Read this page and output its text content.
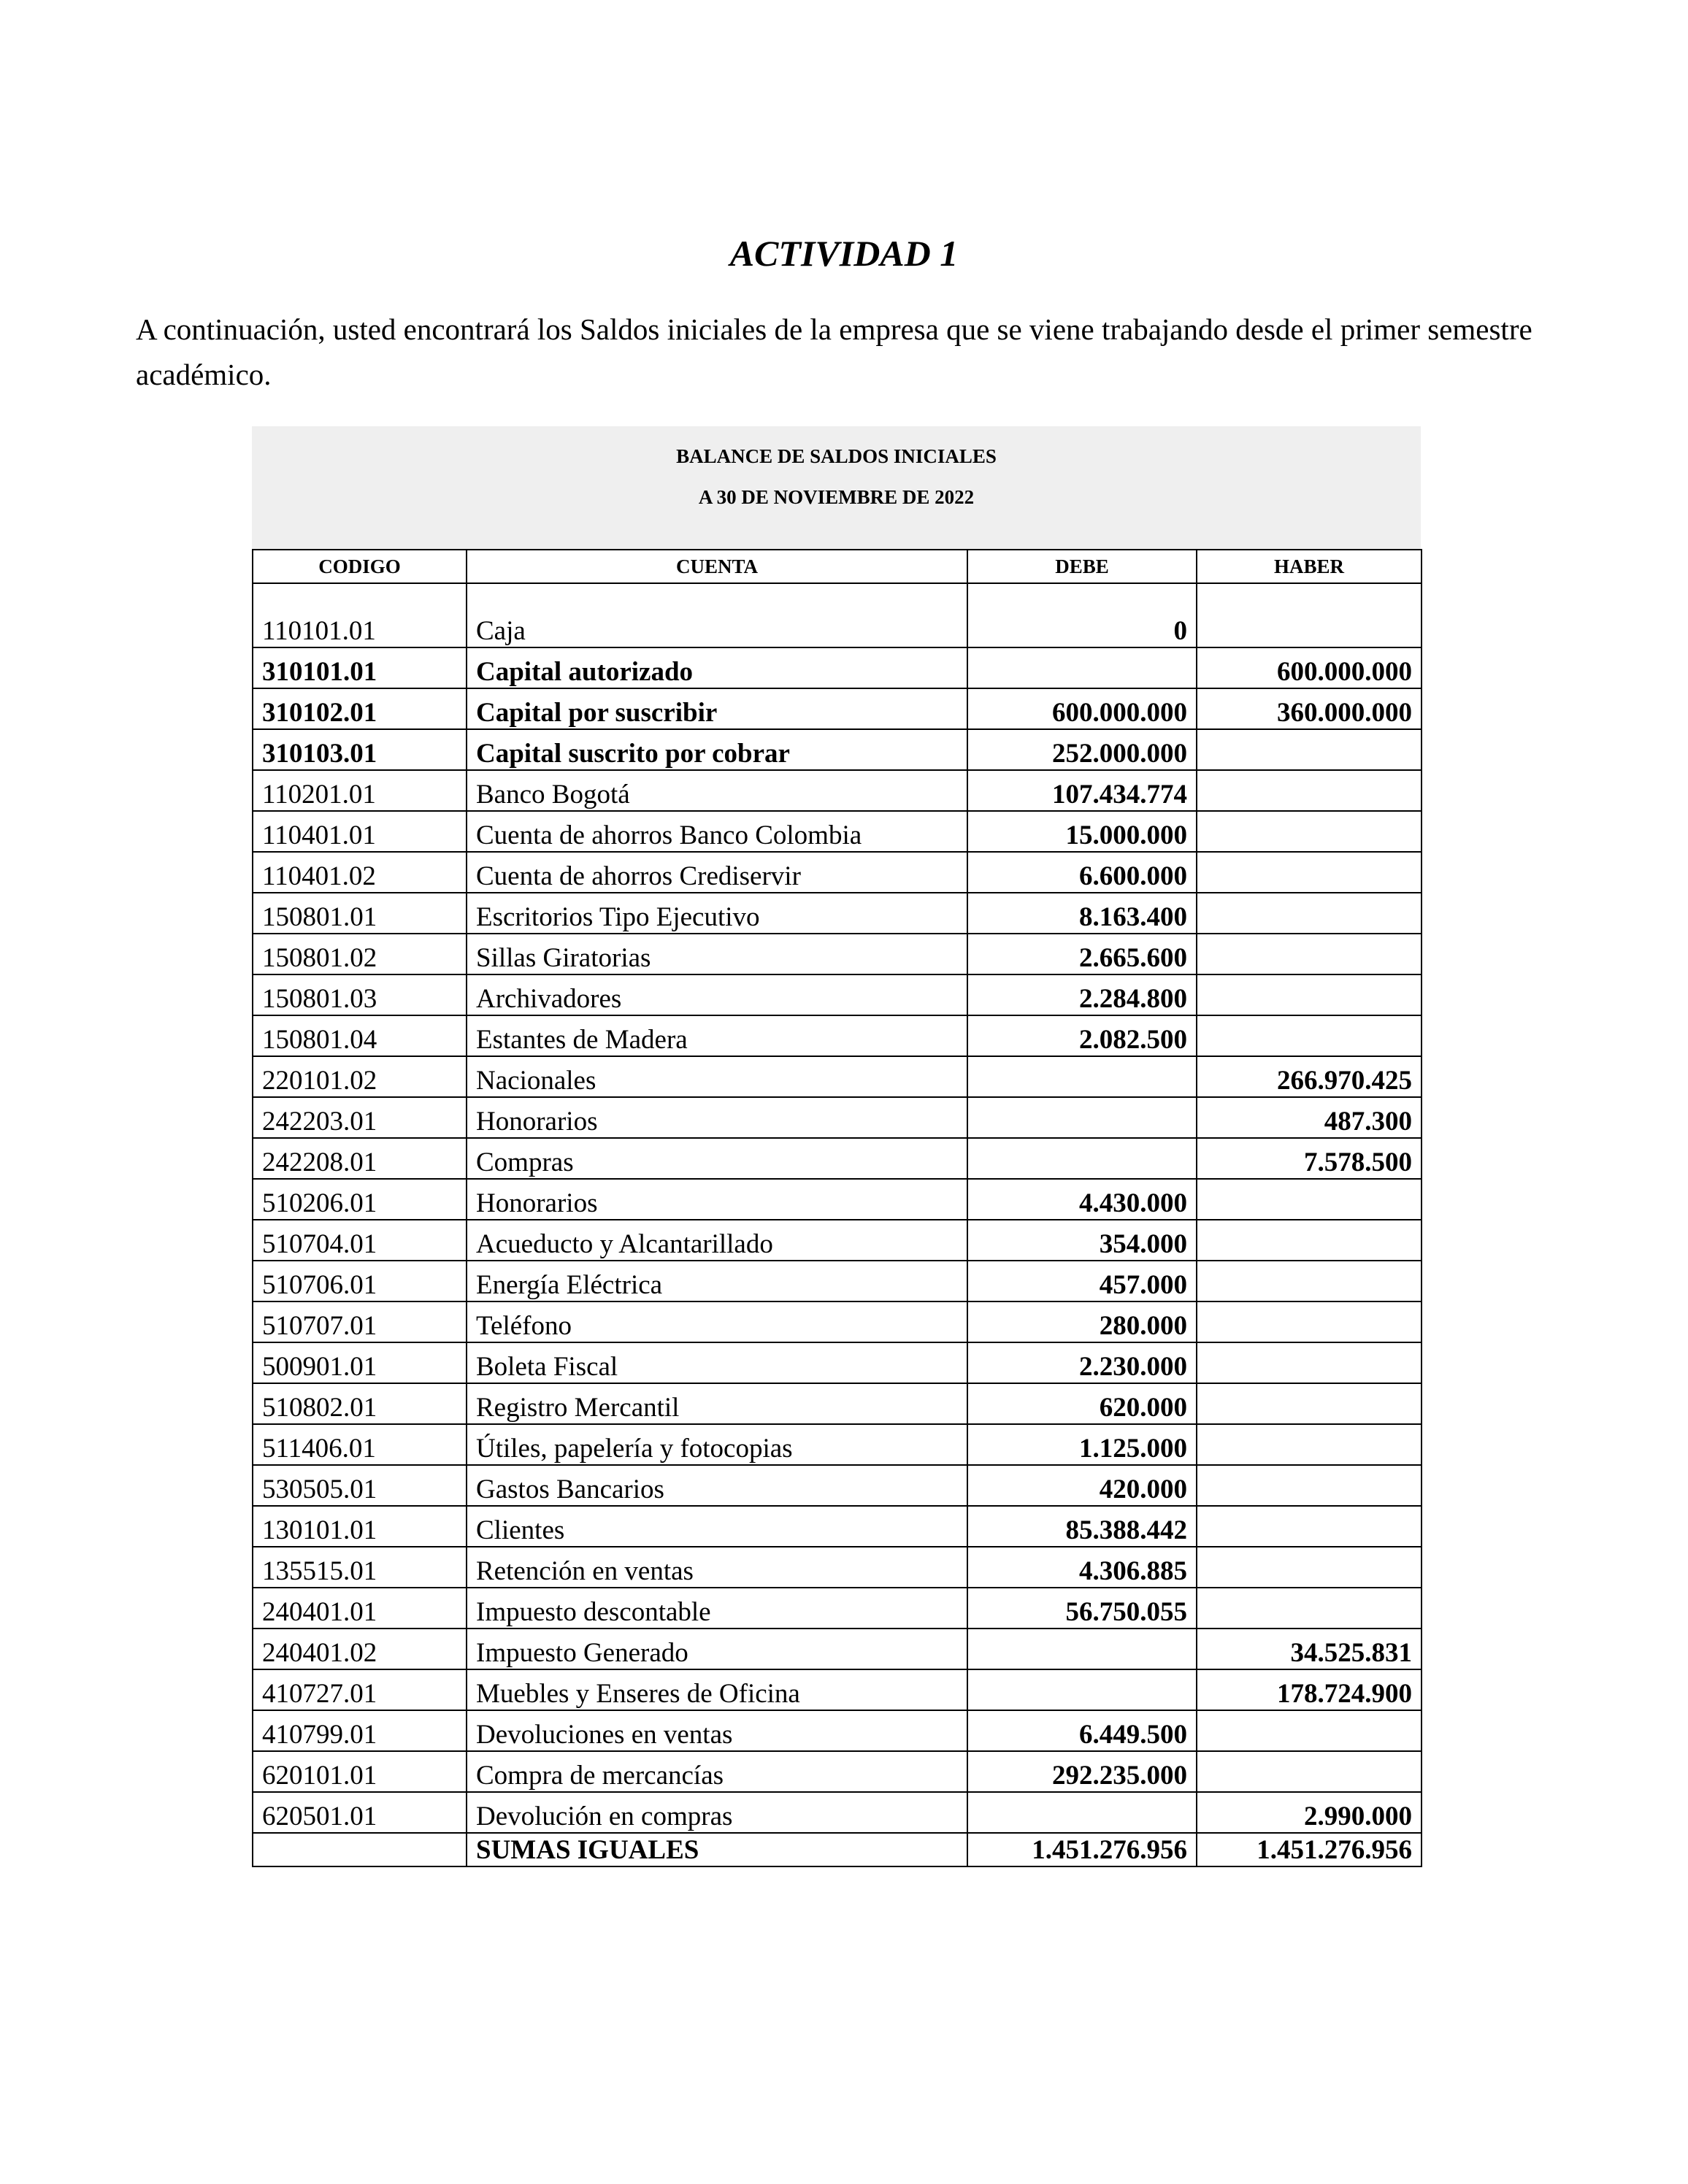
ACTIVIDAD 1
A continuación, usted encontrará los Saldos iniciales de la empresa que se viene trabajando desde el primer semestre académico.
BALANCE DE SALDOS INICIALES
A 30 DE NOVIEMBRE DE 2022
CODIGO	CUENTA	DEBE	HABER
110101.01	Caja	0	
310101.01	Capital autorizado		600.000.000
310102.01	Capital por suscribir	600.000.000	360.000.000
310103.01	Capital suscrito por cobrar	252.000.000	
110201.01	Banco Bogotá	107.434.774	
110401.01	Cuenta de ahorros Banco Colombia	15.000.000	
110401.02	Cuenta de ahorros Crediservir	6.600.000	
150801.01	Escritorios Tipo Ejecutivo	8.163.400	
150801.02	Sillas Giratorias	2.665.600	
150801.03	Archivadores	2.284.800	
150801.04	Estantes de Madera	2.082.500	
220101.02	Nacionales		266.970.425
242203.01	Honorarios		487.300
242208.01	Compras		7.578.500
510206.01	Honorarios	4.430.000	
510704.01	Acueducto y Alcantarillado	354.000	
510706.01	Energía Eléctrica	457.000	
510707.01	Teléfono	280.000	
500901.01	Boleta Fiscal	2.230.000	
510802.01	Registro Mercantil	620.000	
511406.01	Útiles, papelería y fotocopias	1.125.000	
530505.01	Gastos Bancarios	420.000	
130101.01	Clientes	85.388.442	
135515.01	Retención en ventas	4.306.885	
240401.01	Impuesto descontable	56.750.055	
240401.02	Impuesto Generado		34.525.831
410727.01	Muebles y Enseres de Oficina		178.724.900
410799.01	Devoluciones en ventas	6.449.500	
620101.01	Compra de mercancías	292.235.000	
620501.01	Devolución en compras		2.990.000
	SUMAS IGUALES	1.451.276.956	1.451.276.956
